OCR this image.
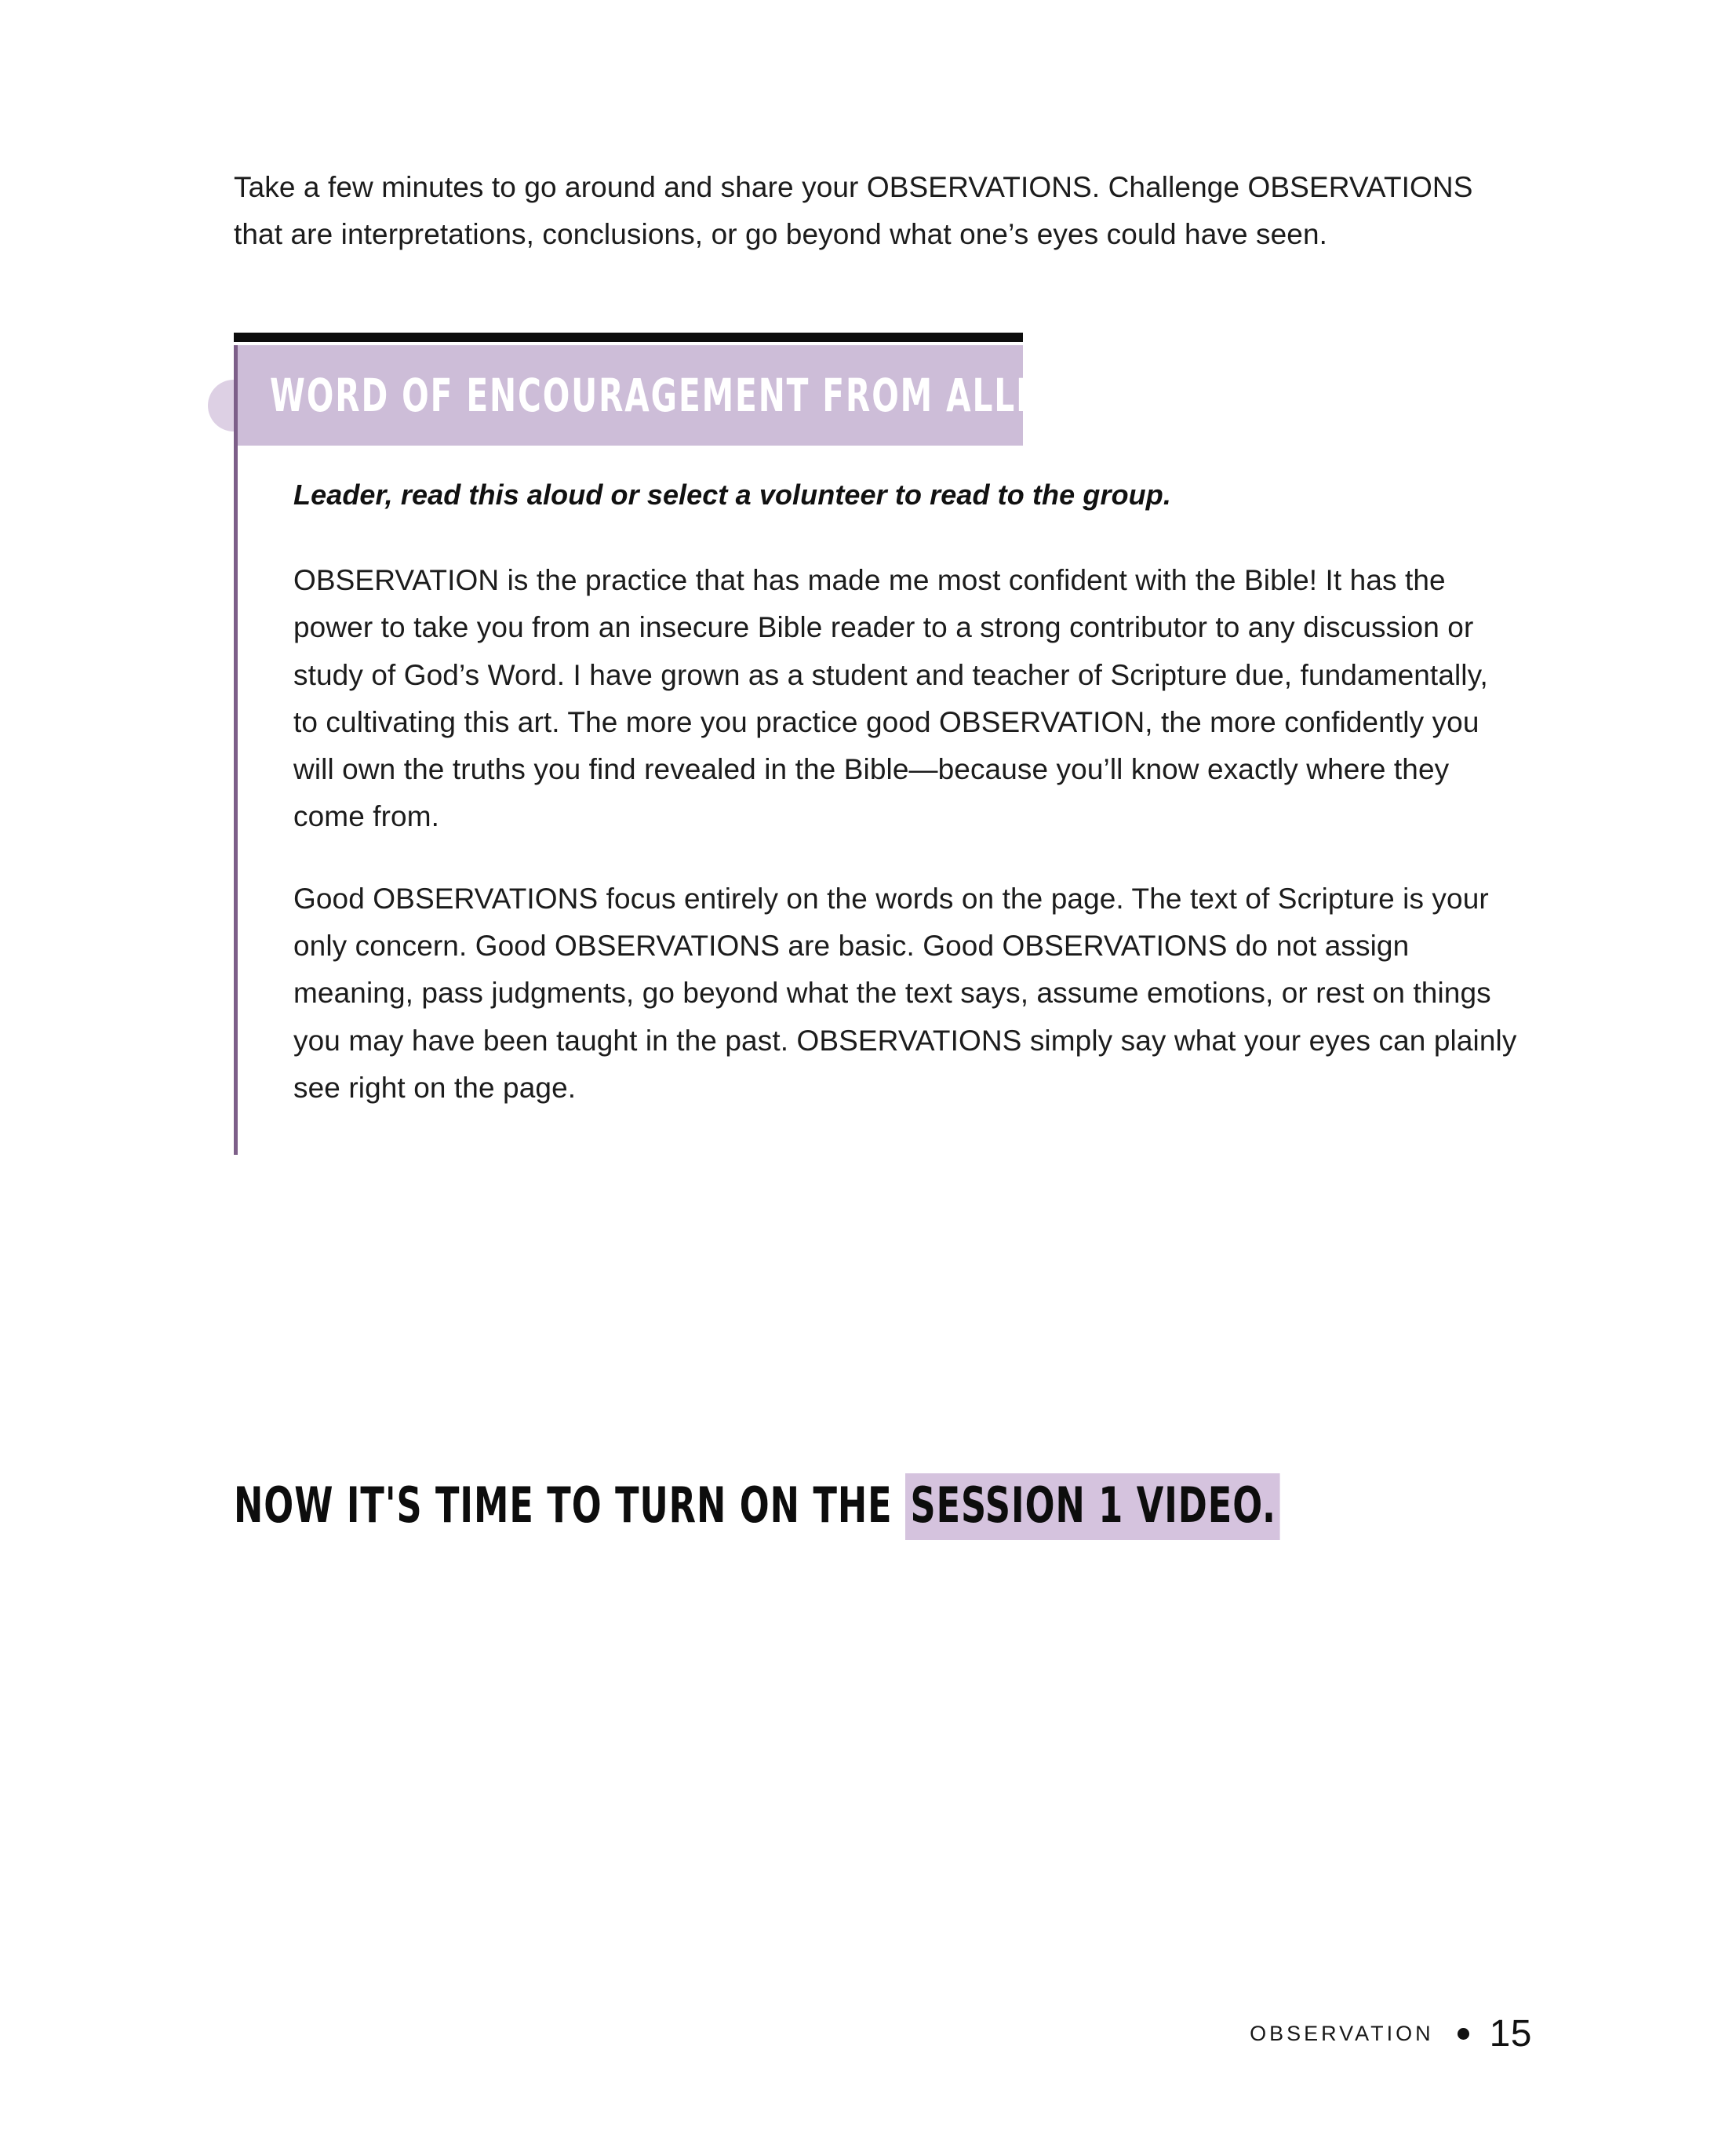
Take a few minutes to go around and share your OBSERVATIONS. Challenge OBSERVATIONS that are interpretations, conclusions, or go beyond what one’s eyes could have seen.

WORD OF ENCOURAGEMENT FROM ALLI

Leader, read this aloud or select a volunteer to read to the group.

OBSERVATION is the practice that has made me most confident with the Bible! It has the power to take you from an insecure Bible reader to a strong contributor to any discussion or study of God’s Word. I have grown as a student and teacher of Scripture due, fundamentally, to cultivating this art. The more you practice good OBSERVATION, the more confidently you will own the truths you find revealed in the Bible—because you’ll know exactly where they come from.

Good OBSERVATIONS focus entirely on the words on the page. The text of Scripture is your only concern. Good OBSERVATIONS are basic. Good OBSERVATIONS do not assign meaning, pass judgments, go beyond what the text says, assume emotions, or rest on things you may have been taught in the past. OBSERVATIONS simply say what your eyes can plainly see right on the page.

NOW IT'S TIME TO TURN ON THE SESSION 1 VIDEO.
OBSERVATION 15
